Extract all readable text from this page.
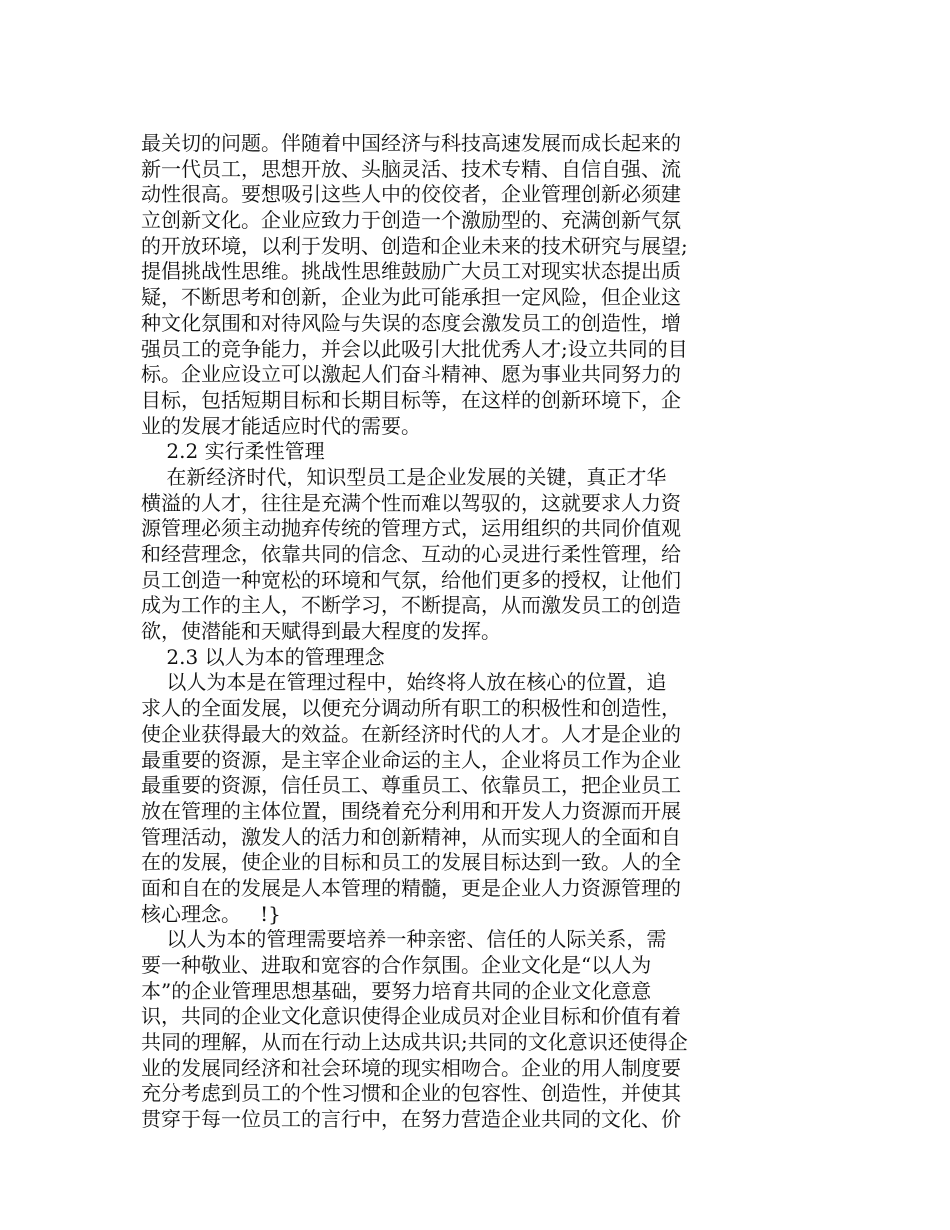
最关切的问题。伴随着中国经济与科技高速发展而成长起来的
新一代员工，思想开放、头脑灵活、技术专精、自信自强、流
动性很高。要想吸引这些人中的佼佼者，企业管理创新必须建
立创新文化。企业应致力于创造一个激励型的、充满创新气氛
的开放环境，以利于发明、创造和企业未来的技术研究与展望;
提倡挑战性思维。挑战性思维鼓励广大员工对现实状态提出质
疑，不断思考和创新，企业为此可能承担一定风险，但企业这
种文化氛围和对待风险与失误的态度会激发员工的创造性，增
强员工的竞争能力，并会以此吸引大批优秀人才;设立共同的目
标。企业应设立可以激起人们奋斗精神、愿为事业共同努力的
目标，包括短期目标和长期目标等，在这样的创新环境下，企
业的发展才能适应时代的需要。
2.2 实行柔性管理
在新经济时代，知识型员工是企业发展的关键，真正才华
横溢的人才，往往是充满个性而难以驾驭的，这就要求人力资
源管理必须主动抛弃传统的管理方式，运用组织的共同价值观
和经营理念，依靠共同的信念、互动的心灵进行柔性管理，给
员工创造一种宽松的环境和气氛，给他们更多的授权，让他们
成为工作的主人，不断学习，不断提高，从而激发员工的创造
欲，使潜能和天赋得到最大程度的发挥。
2.3 以人为本的管理理念
以人为本是在管理过程中，始终将人放在核心的位置，追
求人的全面发展，以便充分调动所有职工的积极性和创造性，
使企业获得最大的效益。在新经济时代的人才。人才是企业的
最重要的资源，是主宰企业命运的主人，企业将员工作为企业
最重要的资源，信任员工、尊重员工、依靠员工，把企业员工
放在管理的主体位置，围绕着充分利用和开发人力资源而开展
管理活动，激发人的活力和创新精神，从而实现人的全面和自
在的发展，使企业的目标和员工的发展目标达到一致。人的全
面和自在的发展是人本管理的精髓，更是企业人力资源管理的
核心理念。   !}
以人为本的管理需要培养一种亲密、信任的人际关系，需
要一种敬业、进取和宽容的合作氛围。企业文化是“以人为
本”的企业管理思想基础，要努力培育共同的企业文化意意
识，共同的企业文化意识使得企业成员对企业目标和价值有着
共同的理解，从而在行动上达成共识;共同的文化意识还使得企
业的发展同经济和社会环境的现实相吻合。企业的用人制度要
充分考虑到员工的个性习惯和企业的包容性、创造性，并使其
贯穿于每一位员工的言行中，在努力营造企业共同的文化、价
